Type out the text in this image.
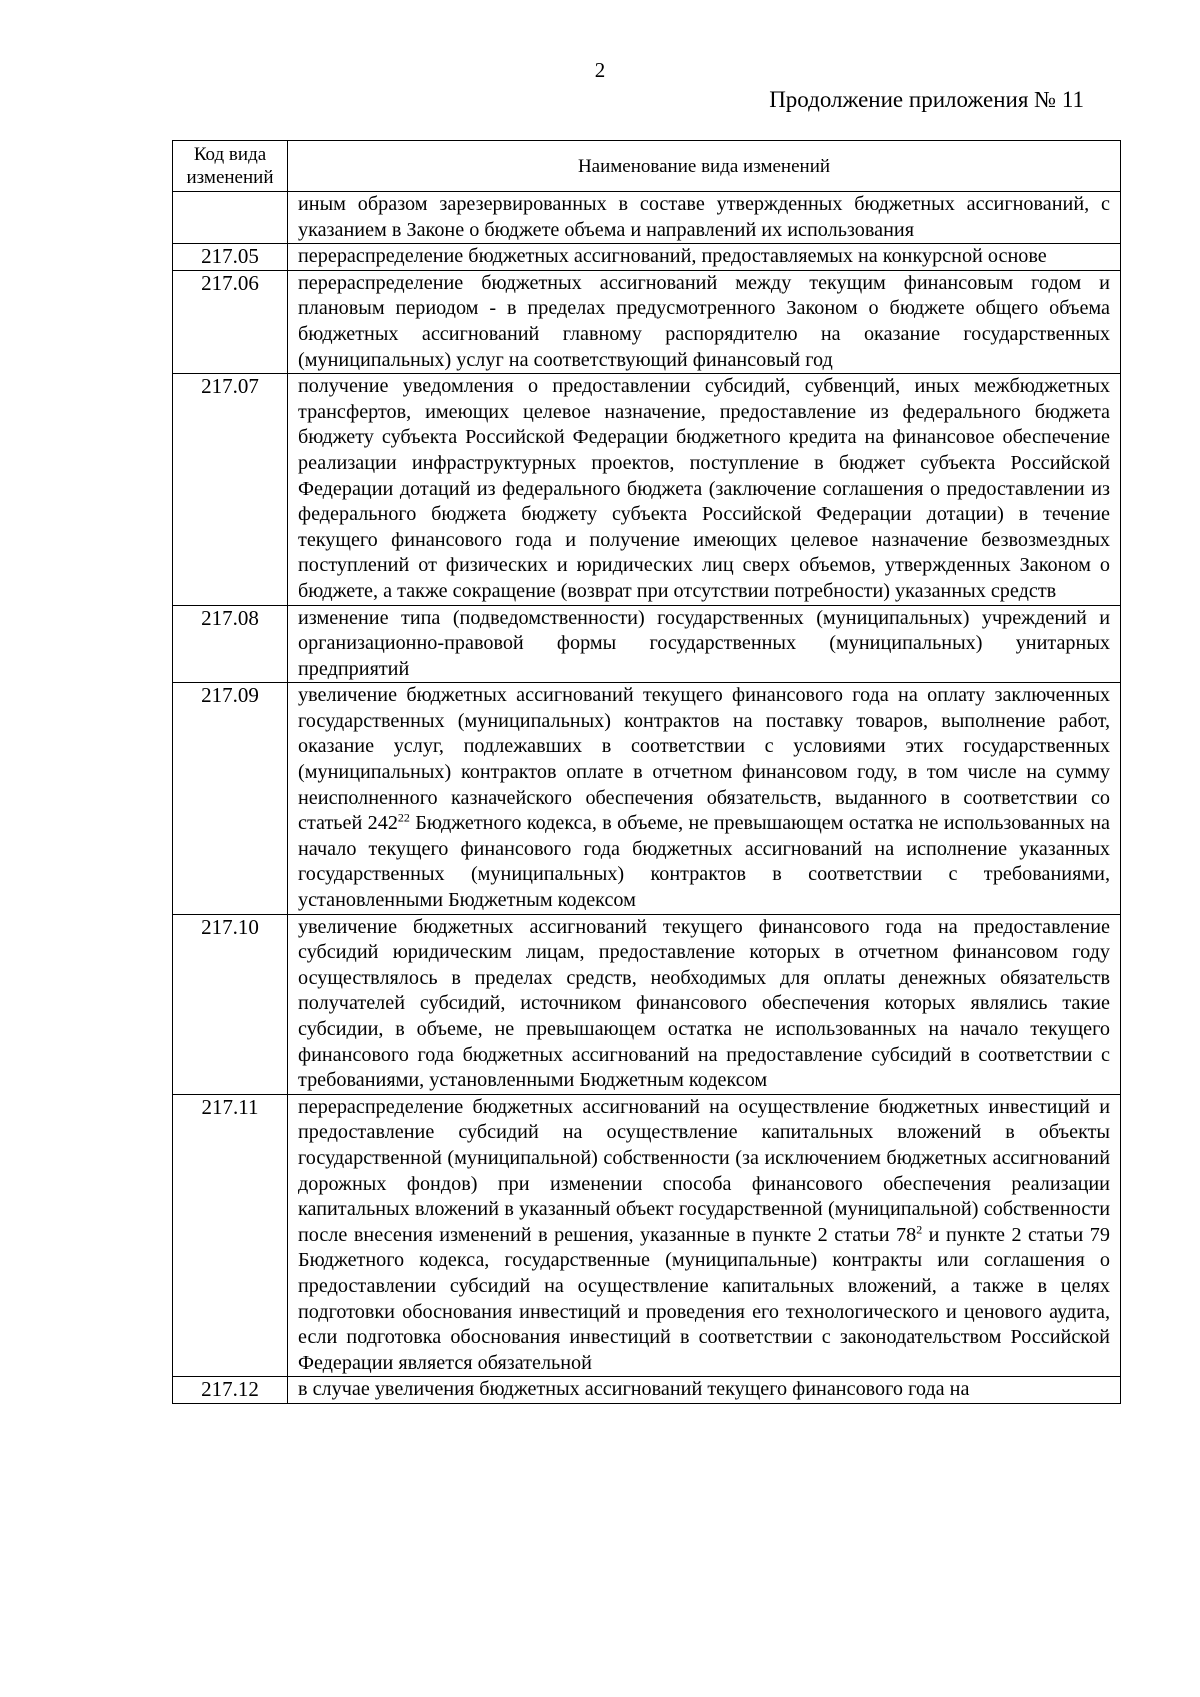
2
Продолжение приложения № 11
Код вида
изменений	Наименование вида изменений
	иным образом зарезервированных в составе утвержденных бюджетных ассигнований, с указанием в Законе о бюджете объема и направлений их использования
217.05	перераспределение бюджетных ассигнований, предоставляемых на конкурсной основе
217.06	перераспределение бюджетных ассигнований между текущим финансовым годом и плановым периодом - в пределах предусмотренного Законом о бюджете общего объема бюджетных ассигнований главному распорядителю на оказание государственных (муниципальных) услуг на соответствующий финансовый год
217.07	получение уведомления о предоставлении субсидий, субвенций, иных межбюджетных трансфертов, имеющих целевое назначение, предоставление из федерального бюджета бюджету субъекта Российской Федерации бюджетного кредита на финансовое обеспечение реализации инфраструктурных проектов, поступление в бюджет субъекта Российской Федерации дотаций из федерального бюджета (заключение соглашения о предоставлении из федерального бюджета бюджету субъекта Российской Федерации дотации) в течение текущего финансового года и получение имеющих целевое назначение безвозмездных поступлений от физических и юридических лиц сверх объемов, утвержденных Законом о бюджете, а также сокращение (возврат при отсутствии потребности) указанных средств
217.08	изменение типа (подведомственности) государственных (муниципальных) учреждений и организационно-правовой формы государственных (муниципальных) унитарных предприятий
217.09	увеличение бюджетных ассигнований текущего финансового года на оплату заключенных государственных (муниципальных) контрактов на поставку товаров, выполнение работ, оказание услуг, подлежавших в соответствии с условиями этих государственных (муниципальных) контрактов оплате в отчетном финансовом году, в том числе на сумму неисполненного казначейского обеспечения обязательств, выданного в соответствии со статьей $242^{22}$ Бюджетного кодекса, в объеме, не превышающем остатка не использованных на начало текущего финансового года бюджетных ассигнований на исполнение указанных государственных (муниципальных) контрактов в соответствии с требованиями, установленными Бюджетным кодексом
217.10	увеличение бюджетных ассигнований текущего финансового года на предоставление субсидий юридическим лицам, предоставление которых в отчетном финансовом году осуществлялось в пределах средств, необходимых для оплаты денежных обязательств получателей субсидий, источником финансового обеспечения которых являлись такие субсидии, в объеме, не превышающем остатка не использованных на начало текущего финансового года бюджетных ассигнований на предоставление субсидий в соответствии с требованиями, установленными Бюджетным кодексом
217.11	перераспределение бюджетных ассигнований на осуществление бюджетных инвестиций и предоставление субсидий на осуществление капитальных вложений в объекты государственной (муниципальной) собственности (за исключением бюджетных ассигнований дорожных фондов) при изменении способа финансового обеспечения реализации капитальных вложений в указанный объект государственной (муниципальной) собственности после внесения изменений в решения, указанные в пункте 2 статьи $78^2$ и пункте 2 статьи 79 Бюджетного кодекса, государственные (муниципальные) контракты или соглашения о предоставлении субсидий на осуществление капитальных вложений, а также в целях подготовки обоснования инвестиций и проведения его технологического и ценового аудита, если подготовка обоснования инвестиций в соответствии с законодательством Российской Федерации является обязательной
217.12	в случае увеличения бюджетных ассигнований текущего финансового года на
